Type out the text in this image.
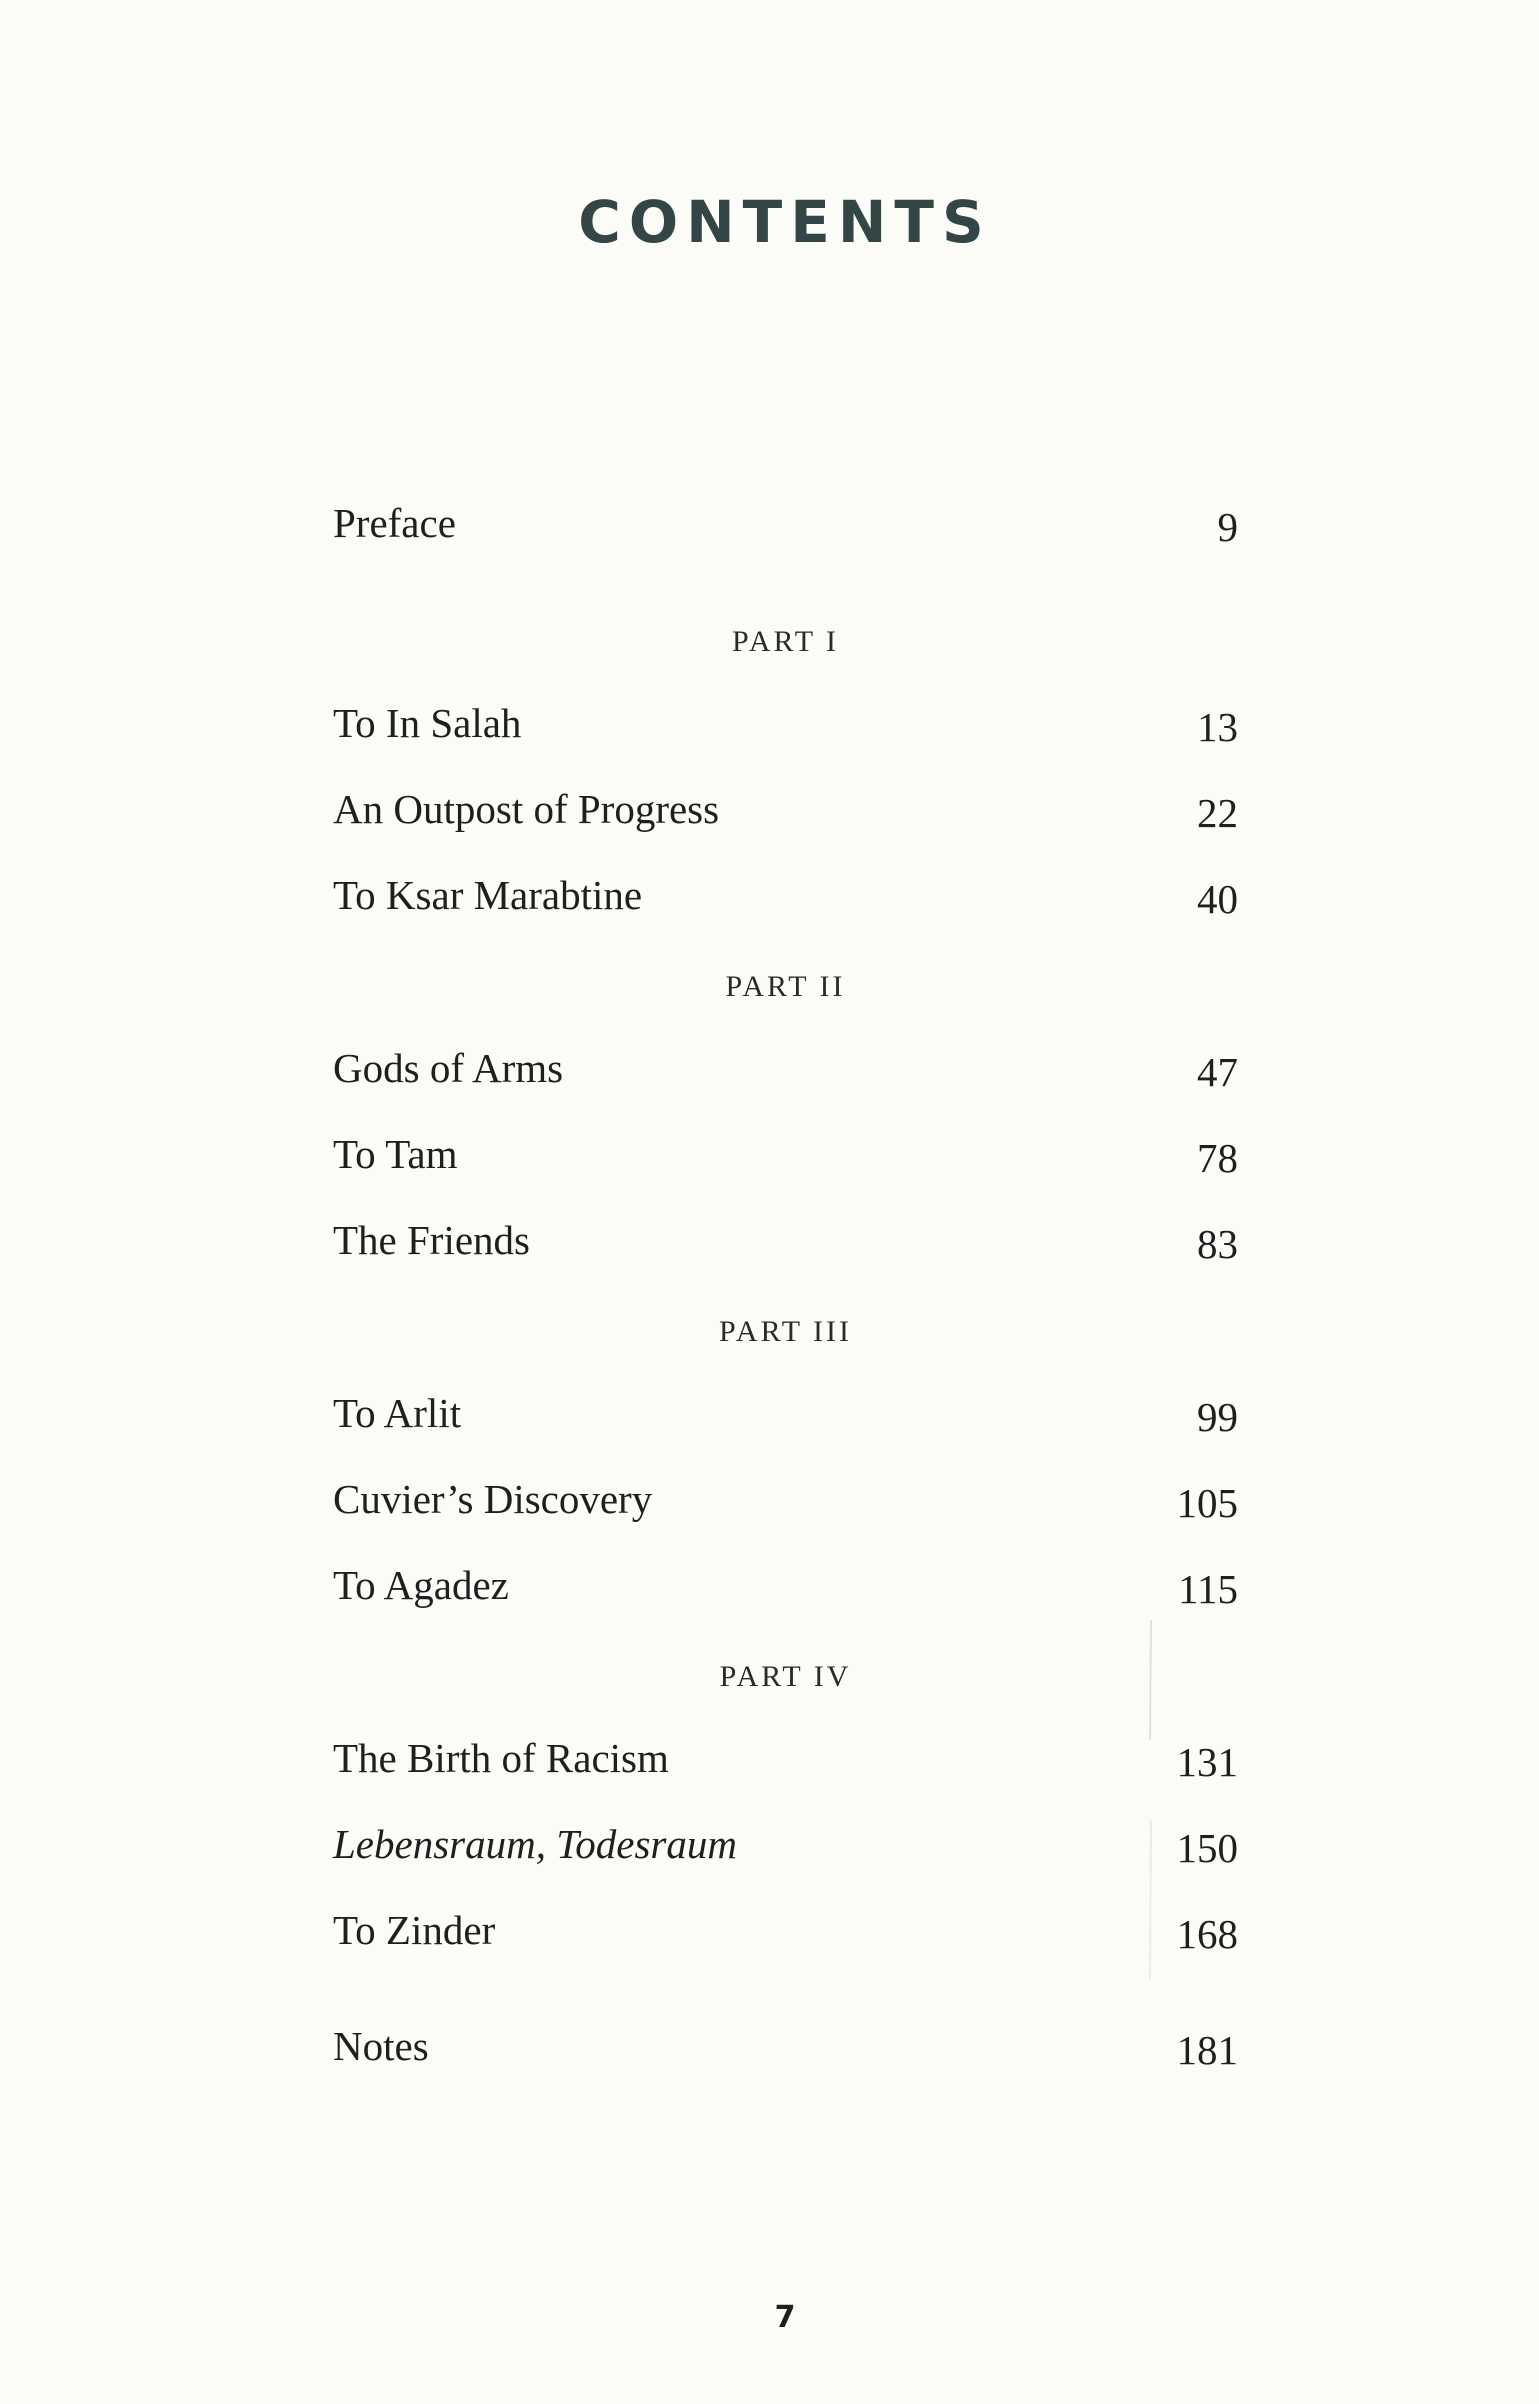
CONTENTS
Preface	9
PART I
To In Salah	13
An Outpost of Progress	22
To Ksar Marabtine	40
PART II
Gods of Arms	47
To Tam	78
The Friends	83
PART III
To Arlit	99
Cuvier’s Discovery	105
To Agadez	115
PART IV
The Birth of Racism	131
Lebensraum, Todesraum	150
To Zinder	168
Notes	181
7
